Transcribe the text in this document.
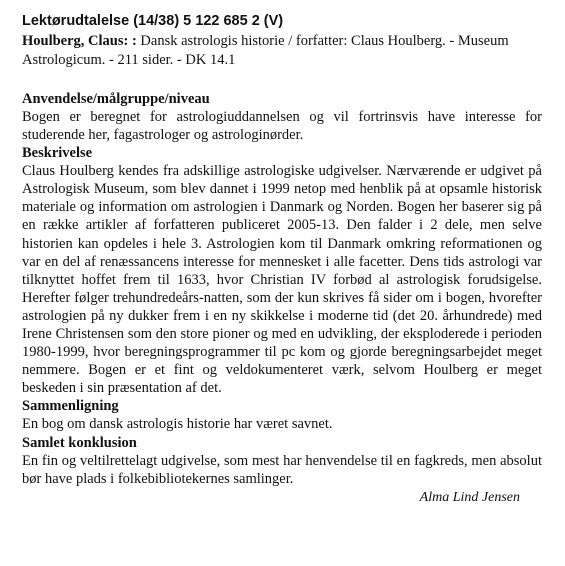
Lektørudtalelse (14/38) 5 122 685 2 (V)

Houlberg, Claus: : Dansk astrologis historie / forfatter: Claus Houlberg. - Museum Astrologicum. - 211 sider. - DK 14.1

Anvendelse/målgruppe/niveau

Bogen er beregnet for astrologiuddannelsen og vil fortrinsvis have interesse for studerende her, fagastrologer og astrologinørder.

Beskrivelse

Claus Houlberg kendes fra adskillige astrologiske udgivelser. Nærværende er udgivet på Astrologisk Museum, som blev dannet i 1999 netop med henblik på at opsamle historisk materiale og information om astrologien i Danmark og Norden. Bogen her baserer sig på en række artikler af forfatteren publiceret 2005-13. Den falder i 2 dele, men selve historien kan opdeles i hele 3. Astrologien kom til Danmark omkring reformationen og var en del af renæssancens interesse for mennesket i alle facetter. Dens tids astrologi var tilknyttet hoffet frem til 1633, hvor Christian IV forbød al astrologisk forudsigelse. Herefter følger trehundredeårs-natten, som der kun skrives få sider om i bogen, hvorefter astrologien på ny dukker frem i en ny skikkelse i moderne tid (det 20. århundrede) med Irene Christensen som den store pioner og med en udvikling, der eksploderede i perioden 1980-1999, hvor beregningsprogrammer til pc kom og gjorde beregningsarbejdet meget nemmere. Bogen er et fint og veldokumenteret værk, selvom Houlberg er meget beskeden i sin præsentation af det.

Sammenligning

En bog om dansk astrologis historie har været savnet.

Samlet konklusion

En fin og veltilrettelagt udgivelse, som mest har henvendelse til en fagkreds, men absolut bør have plads i folkebibliotekernes samlinger.

Alma Lind Jensen
